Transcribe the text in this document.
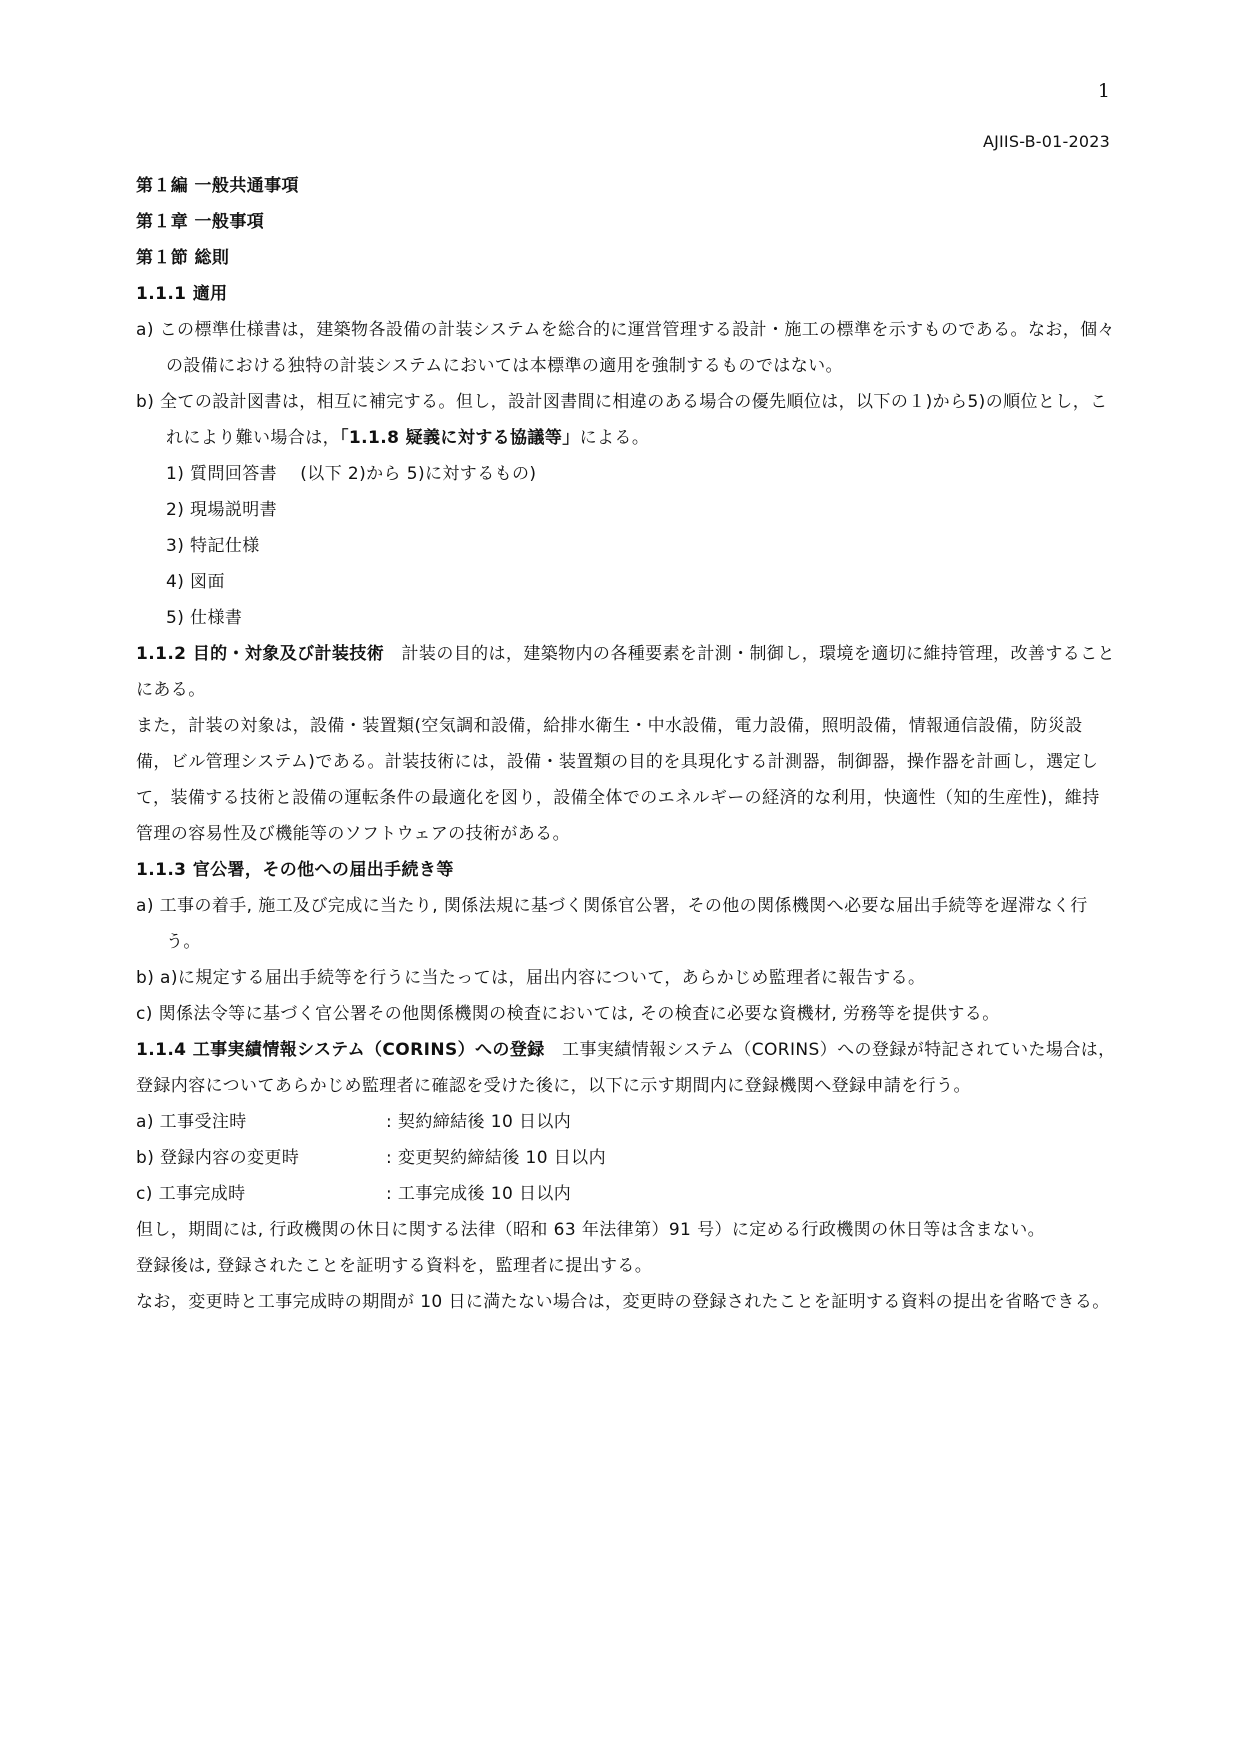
1
AJIIS-B-01-2023
第１編 一般共通事項
第１章 一般事項
第１節 総則
1.1.1 適用
a) この標準仕様書は，建築物各設備の計装システムを総合的に運営管理する設計・施工の標準を示すものである。なお，個々の設備における独特の計装システムにおいては本標準の適用を強制するものではない。
b) 全ての設計図書は，相互に補完する。但し，設計図書間に相違のある場合の優先順位は，以下の１)から5)の順位とし，これにより難い場合は，「1.1.8 疑義に対する協議等」による。
1) 質問回答書　 (以下 2)から 5)に対するもの)
2) 現場説明書
3) 特記仕様
4) 図面
5) 仕様書
1.1.2 目的・対象及び計装技術　計装の目的は，建築物内の各種要素を計測・制御し，環境を適切に維持管理，改善することにある。
また，計装の対象は，設備・装置類(空気調和設備，給排水衛生・中水設備，電力設備，照明設備，情報通信設備，防災設備，ビル管理システム)である。計装技術には，設備・装置類の目的を具現化する計測器，制御器，操作器を計画し，選定して，装備する技術と設備の運転条件の最適化を図り，設備全体でのエネルギーの経済的な利用，快適性（知的生産性)，維持管理の容易性及び機能等のソフトウェアの技術がある。
1.1.3 官公署，その他への届出手続き等
a) 工事の着手, 施工及び完成に当たり, 関係法規に基づく関係官公署，その他の関係機関へ必要な届出手続等を遅滞なく行う。
b) a)に規定する届出手続等を行うに当たっては，届出内容について，あらかじめ監理者に報告する。
c) 関係法令等に基づく官公署その他関係機関の検査においては, その検査に必要な資機材, 労務等を提供する。
1.1.4 工事実績情報システム（CORINS）への登録　工事実績情報システム（CORINS）への登録が特記されていた場合は，登録内容についてあらかじめ監理者に確認を受けた後に，以下に示す期間内に登録機関へ登録申請を行う。
a) 工事受注時	: 契約締結後 10 日以内
b) 登録内容の変更時	: 変更契約締結後 10 日以内
c) 工事完成時	: 工事完成後 10 日以内
但し，期間には, 行政機関の休日に関する法律（昭和 63 年法律第）91 号）に定める行政機関の休日等は含まない。
登録後は, 登録されたことを証明する資料を，監理者に提出する。
なお，変更時と工事完成時の期間が 10 日に満たない場合は，変更時の登録されたことを証明する資料の提出を省略できる。
